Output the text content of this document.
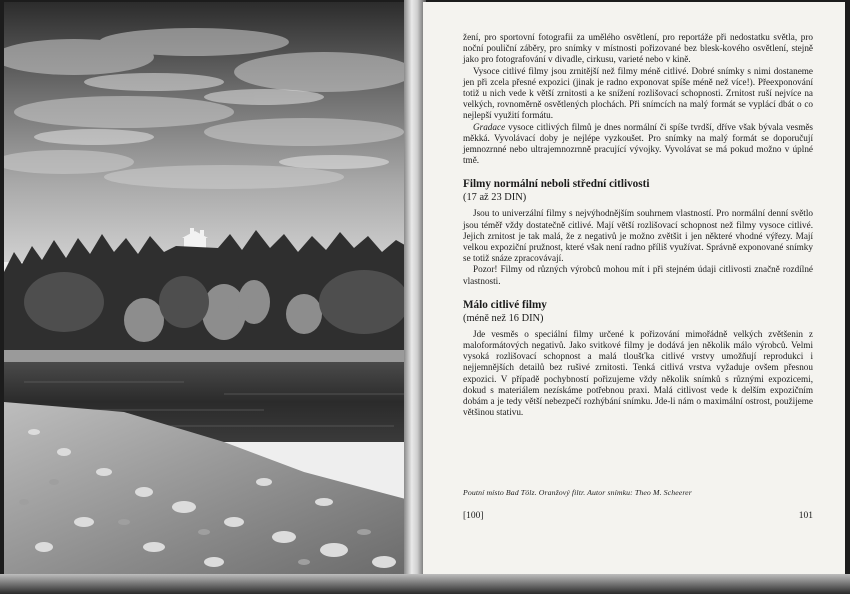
žení, pro sportovní fotografii za umělého osvětlení, pro reportáže při nedostatku světla, pro noční pouliční záběry, pro snímky v místnosti pořizované bez blesk-kového osvětlení, stejně jako pro fotografování v divadle, cirkusu, varieté nebo v kině.

Vysoce citlivé filmy jsou zrnitější než filmy méně citlivé. Dobré snímky s nimi dostaneme jen při zcela přesné expozici (jinak je radno exponovat spíše méně než více!). Přeexponování totiž u nich vede k větší zrnitosti a ke snížení rozlišovací schopnosti. Zrnitost ruší nejvíce na velkých, rovnoměrně osvětlených plochách. Při snímcích na malý formát se vyplácí dbát o co nejlepší využití formátu.

Gradace vysoce citlivých filmů je dnes normální či spíše tvrdší, dříve však bývala vesměs měkká. Vyvolávací doby je nejlépe vyzkoušet. Pro snímky na malý formát se doporučují jemnozrnné nebo ultrajemnozrnně pracující vývojky. Vyvolávat se má pokud možno v úplné tmě.

Filmy normální neboli střední citlivosti
(17 až 23 DIN)

Jsou to univerzální filmy s nejvýhodnějším souhrnem vlastností. Pro normální denní světlo jsou téměř vždy dostatečně citlivé. Mají větší rozlišovací schopnost než filmy vysoce citlivé. Jejich zrnitost je tak malá, že z negativů je možno zvětšit i jen některé vhodné výřezy. Mají velkou expoziční pružnost, které však není radno příliš využívat. Správně exponované snímky se totiž snáze zpracovávají.

Pozor! Filmy od různých výrobců mohou mít i při stejném údaji citlivosti značně rozdílné vlastnosti.

Málo citlivé filmy
(méně než 16 DIN)

Jde vesměs o speciální filmy určené k pořizování mimořádně velkých zvětšenin z maloformátových negativů. Jako svitkové filmy je dodává jen několik málo výrobců. Velmi vysoká rozlišovací schopnost a malá tloušťka citlivé vrstvy umožňují reprodukci i nejjemnějších detailů bez rušivé zrnitosti. Tenká citlivá vrstva vyžaduje ovšem přesnou expozici. V případě pochybností pořizujeme vždy několik snímků s různými expozicemi, dokud s materiálem nezískáme potřebnou praxi. Malá citlivost vede k delším expozičním dobám a je tedy větší nebezpečí rozhýbání snímku. Jde-li nám o maximální ostrost, použijeme většinou stativu.

Poutní místo Bad Tölz. Oranžový filtr. Autor snímku: Theo M. Scheerer
[100]	101
